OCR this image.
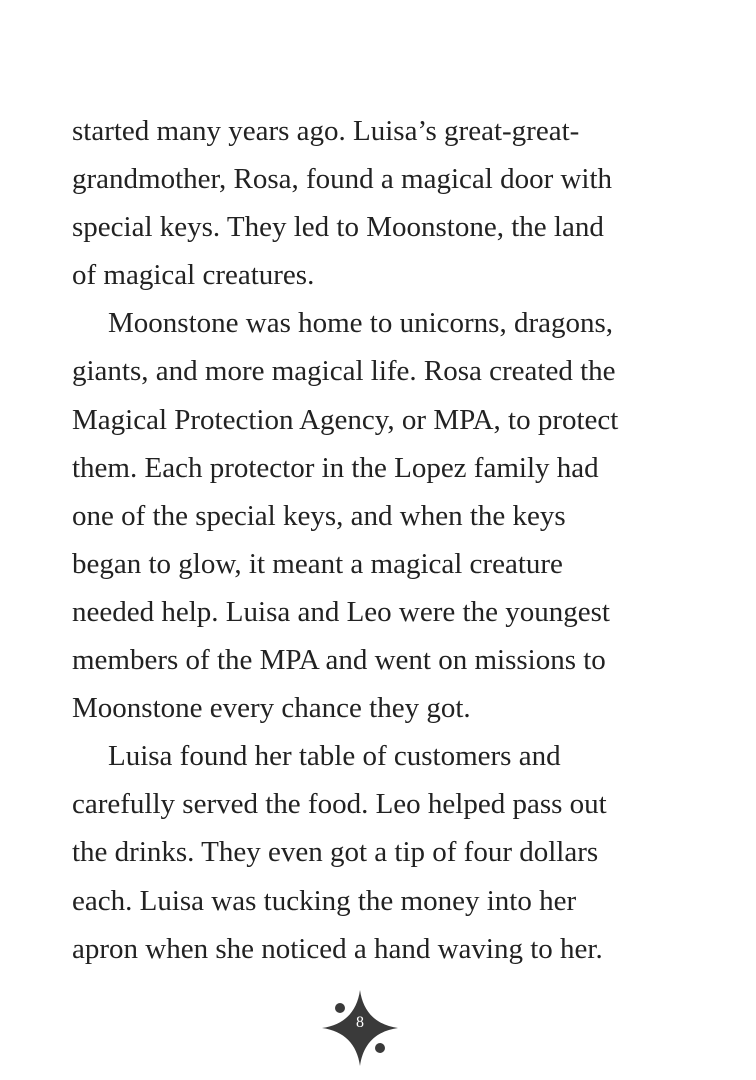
started many years ago. Luisa’s great-great-
grandmother, Rosa, found a magical door with
special keys. They led to Moonstone, the land
of magical creatures.
Moonstone was home to unicorns, dragons,
giants, and more magical life. Rosa created the
Magical Protection Agency, or MPA, to protect
them. Each protector in the Lopez family had
one of the special keys, and when the keys
began to glow, it meant a magical creature
needed help. Luisa and Leo were the youngest
members of the MPA and went on missions to
Moonstone every chance they got.
Luisa found her table of customers and
carefully served the food. Leo helped pass out
the drinks. They even got a tip of four dollars
each. Luisa was tucking the money into her
apron when she noticed a hand waving to her.
8
